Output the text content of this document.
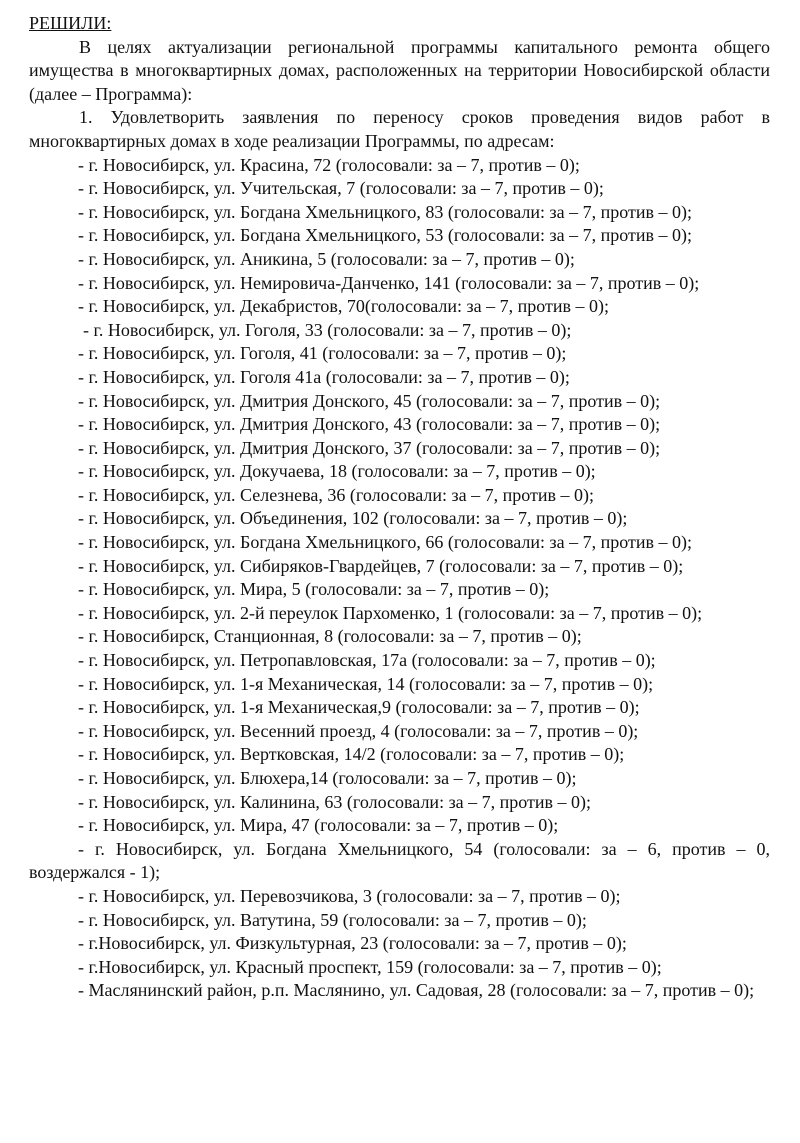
РЕШИЛИ:

В целях актуализации региональной программы капитального ремонта общего имущества в многоквартирных домах, расположенных на территории Новосибирской области (далее – Программа):

1. Удовлетворить заявления по переносу сроков проведения видов работ в многоквартирных домах в ходе реализации Программы, по адресам:

- г. Новосибирск, ул. Красина, 72 (голосовали: за – 7, против – 0);

- г. Новосибирск, ул. Учительская, 7 (голосовали: за – 7, против – 0);

- г. Новосибирск, ул. Богдана Хмельницкого, 83 (голосовали: за – 7, против – 0);

- г. Новосибирск, ул. Богдана Хмельницкого, 53 (голосовали: за – 7, против – 0);

- г. Новосибирск, ул. Аникина, 5 (голосовали: за – 7, против – 0);

- г. Новосибирск, ул. Немировича-Данченко, 141 (голосовали: за – 7, против – 0);

- г. Новосибирск, ул. Декабристов, 70(голосовали: за – 7, против – 0);

- г. Новосибирск, ул. Гоголя, 33 (голосовали: за – 7, против – 0);

- г. Новосибирск, ул. Гоголя, 41 (голосовали: за – 7, против – 0);

- г. Новосибирск, ул. Гоголя 41а (голосовали: за – 7, против – 0);

- г. Новосибирск, ул. Дмитрия Донского, 45 (голосовали: за – 7, против – 0);

- г. Новосибирск, ул. Дмитрия Донского, 43 (голосовали: за – 7, против – 0);

- г. Новосибирск, ул. Дмитрия Донского, 37 (голосовали: за – 7, против – 0);

- г. Новосибирск, ул. Докучаева, 18 (голосовали: за – 7, против – 0);

- г. Новосибирск, ул. Селезнева, 36 (голосовали: за – 7, против – 0);

- г. Новосибирск, ул. Объединения, 102 (голосовали: за – 7, против – 0);

- г. Новосибирск, ул. Богдана Хмельницкого, 66 (голосовали: за – 7, против – 0);

- г. Новосибирск, ул. Сибиряков-Гвардейцев, 7 (голосовали: за – 7, против – 0);

- г. Новосибирск, ул. Мира, 5 (голосовали: за – 7, против – 0);

- г. Новосибирск, ул. 2-й переулок Пархоменко, 1 (голосовали: за – 7, против – 0);

- г. Новосибирск, Станционная, 8 (голосовали: за – 7, против – 0);

- г. Новосибирск, ул. Петропавловская, 17а (голосовали: за – 7, против – 0);

- г. Новосибирск, ул. 1-я Механическая, 14 (голосовали: за – 7, против – 0);

- г. Новосибирск, ул. 1-я Механическая,9 (голосовали: за – 7, против – 0);

- г. Новосибирск, ул. Весенний проезд, 4 (голосовали: за – 7, против – 0);

- г. Новосибирск, ул. Вертковская, 14/2 (голосовали: за – 7, против – 0);

- г. Новосибирск, ул. Блюхера,14 (голосовали: за – 7, против – 0);

- г. Новосибирск, ул. Калинина, 63 (голосовали: за – 7, против – 0);

- г. Новосибирск, ул. Мира, 47 (голосовали: за – 7, против – 0);

- г. Новосибирск, ул. Богдана Хмельницкого, 54 (голосовали: за – 6, против – 0, воздержался - 1);

- г. Новосибирск, ул. Перевозчикова, 3 (голосовали: за – 7, против – 0);

- г. Новосибирск, ул. Ватутина, 59 (голосовали: за – 7, против – 0);

- г.Новосибирск, ул. Физкультурная, 23 (голосовали: за – 7, против – 0);

- г.Новосибирск, ул. Красный проспект, 159 (голосовали: за – 7, против – 0);

- Маслянинский район, р.п. Маслянино, ул. Садовая, 28 (голосовали: за – 7, против – 0);
